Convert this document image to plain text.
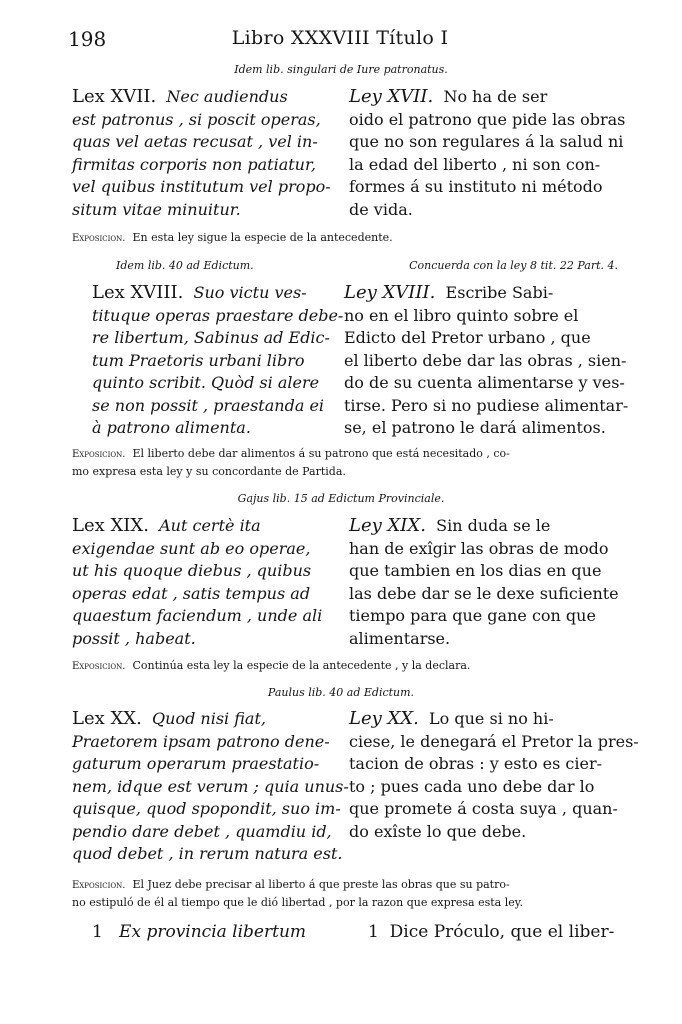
198	Libro XXXVIII Título I
Idem lib. singulari de Iure patronatus.
Lex XVII. Nec audiendus
est patronus , si poscit operas,
quas vel aetas recusat , vel in-
firmitas corporis non patiatur,
vel quibus institutum vel propo-
situm vitae minuitur.
Ley XVII. No ha de ser
oido el patrono que pide las obras
que no son regulares á la salud ni
la edad del liberto , ni son con-
formes á su instituto ni método
de vida.
Exposicion. En esta ley sigue la especie de la antecedente.
Idem lib. 40 ad Edictum.	Concuerda con la ley 8 tit. 22 Part. 4.
Lex XVIII. Suo victu ves-
tituque operas praestare debe-
re libertum, Sabinus ad Edic-
tum Praetoris urbani libro
quinto scribit. Quòd si alere
se non possit , praestanda ei
à patrono alimenta.
Ley XVIII. Escribe Sabi-
no en el libro quinto sobre el
Edicto del Pretor urbano , que
el liberto debe dar las obras , sien-
do de su cuenta alimentarse y ves-
tirse. Pero si no pudiese alimentar-
se, el patrono le dará alimentos.
Exposicion. El liberto debe dar alimentos á su patrono que está necesitado , co-
mo expresa esta ley y su concordante de Partida.
Gajus lib. 15 ad Edictum Provinciale.
Lex XIX. Aut certè ita
exigendae sunt ab eo operae,
ut his quoque diebus , quibus
operas edat , satis tempus ad
quaestum faciendum , unde ali
possit , habeat.
Ley XIX. Sin duda se le
han de exîgir las obras de modo
que tambien en los dias en que
las debe dar se le dexe suficiente
tiempo para que gane con que
alimentarse.
Exposicion. Continúa esta ley la especie de la antecedente , y la declara.
Paulus lib. 40 ad Edictum.
Lex XX. Quod nisi fiat,
Praetorem ipsam patrono dene-
gaturum operarum praestatio-
nem, idque est verum ; quia unus-
quisque, quod spopondit, suo im-
pendio dare debet , quamdiu id,
quod debet , in rerum natura est.
Ley XX. Lo que si no hi-
ciese, le denegará el Pretor la pres-
tacion de obras : y esto es cier-
to ; pues cada uno debe dar lo
que promete á costa suya , quan-
do exîste lo que debe.
Exposicion. El Juez debe precisar al liberto á que preste las obras que su patro-
no estipuló de él al tiempo que le dió libertad , por la razon que expresa esta ley.
1 Ex provincia libertum	1 Dice Próculo, que el liber-
